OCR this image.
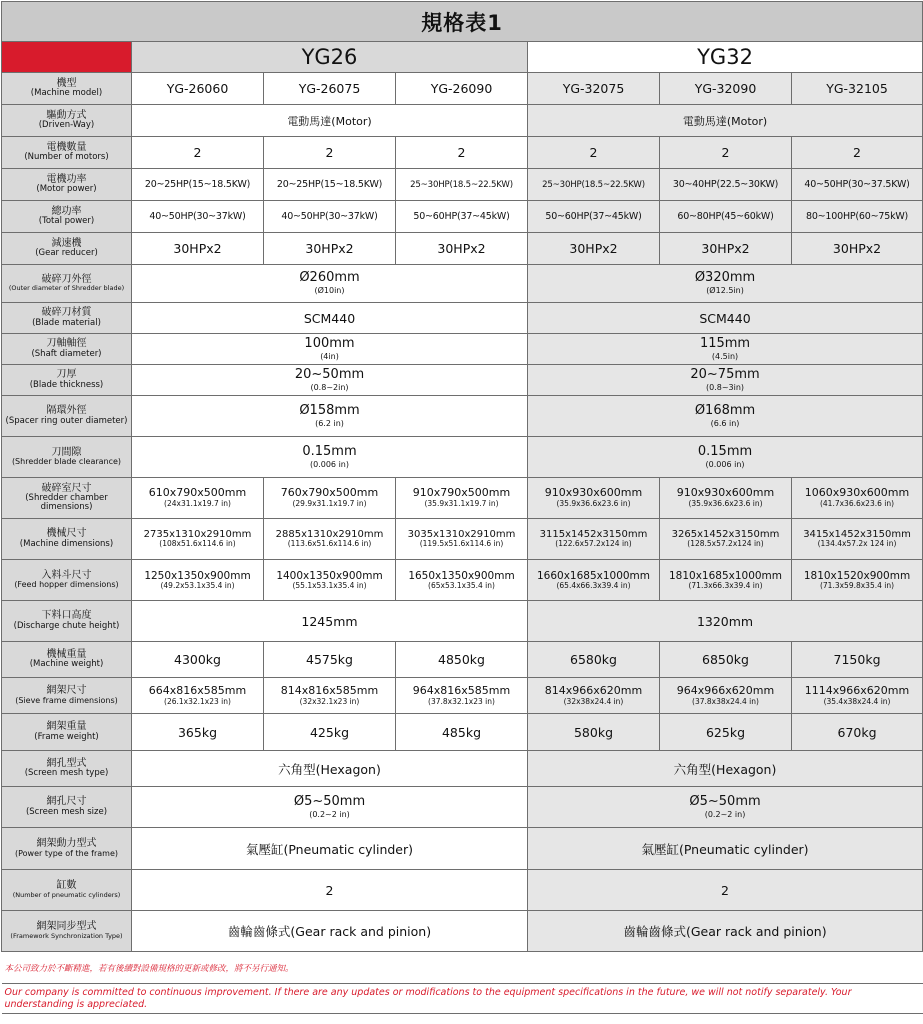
規格表1						
	YG26			YG32		

機型
(Machine model)	YG-26060	YG-26075	YG-26090	YG-32075	YG-32090	YG-32105

驅動方式
(Driven-Way)	電動馬達(Motor)			電動馬達(Motor)		

電機數量
(Number of motors)	2	2	2	2	2	2

電機功率
(Motor power)	20~25HP(15~18.5KW)	20~25HP(15~18.5KW)	25~30HP(18.5~22.5KW)	25~30HP(18.5~22.5KW)	30~40HP(22.5~30KW)	40~50HP(30~37.5KW)

總功率
(Total power)	40~50HP(30~37kW)	40~50HP(30~37kW)	50~60HP(37~45kW)	50~60HP(37~45kW)	60~80HP(45~60kW)	80~100HP(60~75kW)

減速機
(Gear reducer)	30HPx2	30HPx2	30HPx2	30HPx2	30HPx2	30HPx2

破碎刀外徑
(Outer diameter of Shredder blade)	Ø260mm
(Ø10in)			Ø320mm
(Ø12.5in)		

破碎刀材質
(Blade material)	SCM440			SCM440		

刀軸軸徑
(Shaft diameter)	100mm
(4in)			115mm
(4.5in)		

刀厚
(Blade thickness)	20~50mm
(0.8~2in)			20~75mm
(0.8~3in)		

隔環外徑
(Spacer ring outer diameter)	Ø158mm
(6.2 in)			Ø168mm
(6.6 in)		

刀間隙
(Shredder blade clearance)	0.15mm
(0.006 in)			0.15mm
(0.006 in)		

破碎室尺寸
(Shredder chamber dimensions)	610x790x500mm
(24x31.1x19.7 in)	760x790x500mm
(29.9x31.1x19.7 in)	910x790x500mm
(35.9x31.1x19.7 in)	910x930x600mm
(35.9x36.6x23.6 in)	910x930x600mm
(35.9x36.6x23.6 in)	1060x930x600mm
(41.7x36.6x23.6 in)

機械尺寸
(Machine dimensions)	2735x1310x2910mm
(108x51.6x114.6 in)	2885x1310x2910mm
(113.6x51.6x114.6 in)	3035x1310x2910mm
(119.5x51.6x114.6 in)	3115x1452x3150mm
(122.6x57.2x124 in)	3265x1452x3150mm
(128.5x57.2x124 in)	3415x1452x3150mm
(134.4x57.2x 124 in)

入料斗尺寸
(Feed hopper dimensions)	1250x1350x900mm
(49.2x53.1x35.4 in)	1400x1350x900mm
(55.1x53.1x35.4 in)	1650x1350x900mm
(65x53.1x35.4 in)	1660x1685x1000mm
(65.4x66.3x39.4 in)	1810x1685x1000mm
(71.3x66.3x39.4 in)	1810x1520x900mm
(71.3x59.8x35.4 in)

下料口高度
(Discharge chute height)	1245mm			1320mm		

機械重量
(Machine weight)	4300kg	4575kg	4850kg	6580kg	6850kg	7150kg

網架尺寸
(Sieve frame dimensions)	664x816x585mm
(26.1x32.1x23 in)	814x816x585mm
(32x32.1x23 in)	964x816x585mm
(37.8x32.1x23 in)	814x966x620mm
(32x38x24.4 in)	964x966x620mm
(37.8x38x24.4 in)	1114x966x620mm
(35.4x38x24.4 in)

網架重量
(Frame weight)	365kg	425kg	485kg	580kg	625kg	670kg

網孔型式
(Screen mesh type)	六角型(Hexagon)			六角型(Hexagon)		

網孔尺寸
(Screen mesh size)	Ø5~50mm
(0.2~2 in)			Ø5~50mm
(0.2~2 in)		

網架動力型式
(Power type of the frame)	氣壓缸(Pneumatic cylinder)			氣壓缸(Pneumatic cylinder)		

缸數
(Number of pneumatic cylinders)	2			2		

網架同步型式
(Framework Synchronization Type)	齒輪齒條式(Gear rack and pinion)			齒輪齒條式(Gear rack and pinion)		
本公司致力於不斷精進，若有後續對設備規格的更新或修改，將不另行通知。						
Our company is committed to continuous improvement. If there are any updates or modifications to the equipment specifications in the future, we will not notify separately. Your understanding is appreciated.						
